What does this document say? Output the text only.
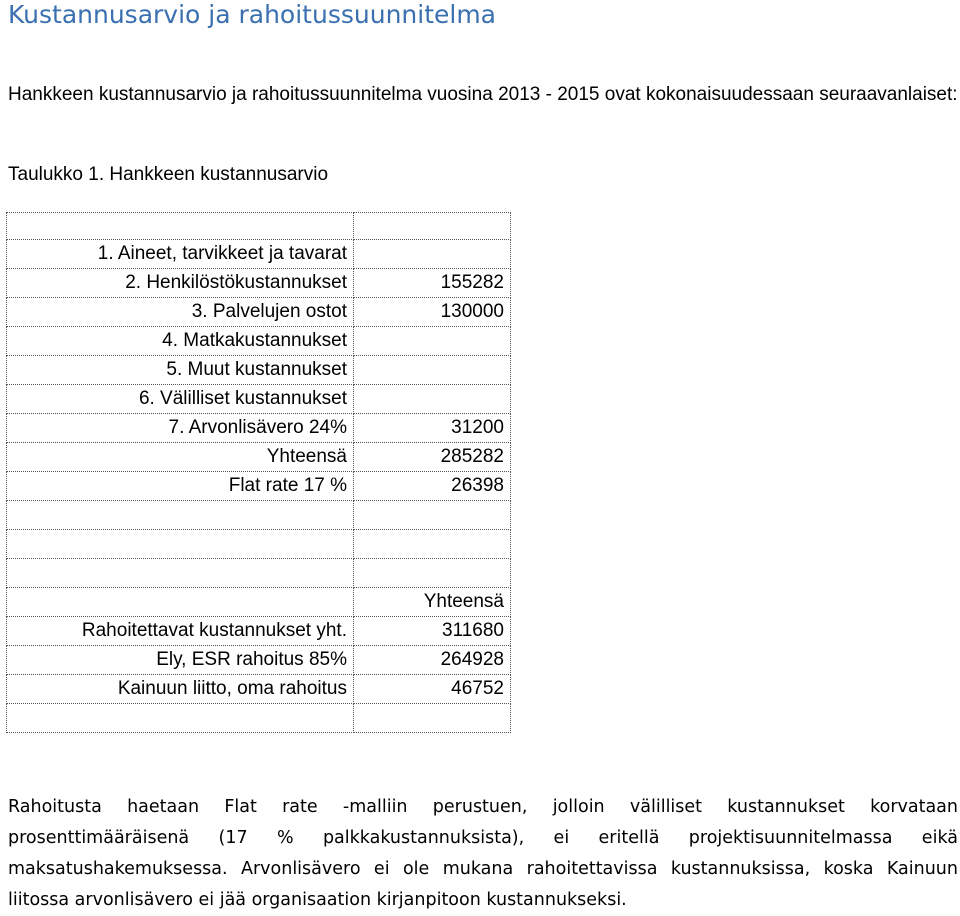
Kustannusarvio ja rahoitussuunnitelma
Hankkeen kustannusarvio ja rahoitussuunnitelma vuosina 2013 - 2015 ovat kokonaisuudessaan seuraavanlaiset:
Taulukko 1. Hankkeen kustannusarvio

1. Aineet, tarvikkeet ja tavarat	
2. Henkilöstökustannukset	155282
3. Palvelujen ostot	130000
4. Matkakustannukset	
5. Muut kustannukset	
6. Välilliset kustannukset	
7. Arvonlisävero 24%	31200
Yhteensä	285282
Flat rate 17 %	26398

	Yhteensä
Rahoitettavat kustannukset yht.	311680
Ely, ESR rahoitus 85%	264928
Kainuun liitto, oma rahoitus	46752

Rahoitusta haetaan Flat rate -malliin perustuen, jolloin välilliset kustannukset korvataan prosenttimääräisenä (17 % palkkakustannuksista), ei eritellä projektisuunnitelmassa eikä maksatushakemuksessa. Arvonlisävero ei ole mukana rahoitettavissa kustannuksissa, koska Kainuun liitossa arvonlisävero ei jää organisaation kirjanpitoon kustannukseksi.
